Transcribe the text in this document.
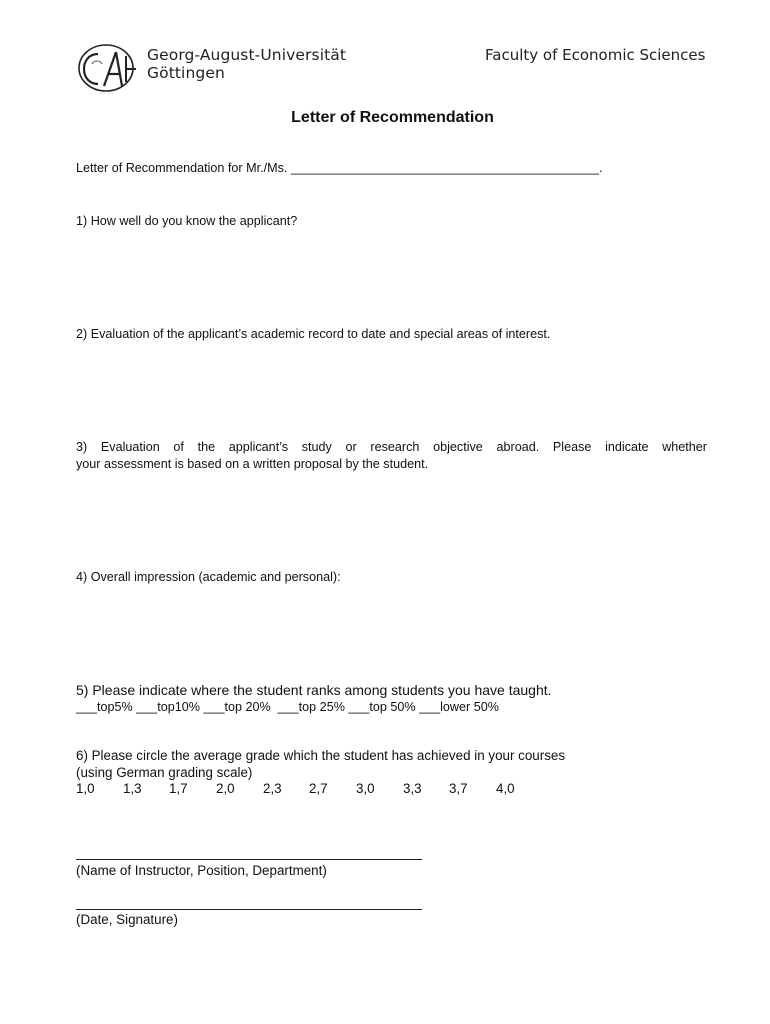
· · · · · ·
Georg-August-Universität
Göttingen
Faculty of Economic Sciences
Letter of Recommendation
Letter of Recommendation for Mr./Ms. ____________________________________________.
1) How well do you know the applicant?
2) Evaluation of the applicant’s academic record to date and special areas of interest.
3) Evaluation of the applicant’s study or research objective abroad. Please indicate whether
your assessment is based on a written proposal by the student.
4) Overall impression (academic and personal):
5) Please indicate where the student ranks among students you have taught.
___top5% ___top10% ___top 20%  ___top 25% ___top 50% ___lower 50%
6) Please circle the average grade which the student has achieved in your courses
(using German grading scale)
1,0 1,3 1,7 2,0 2,3 2,7 3,0 3,3 3,7 4,0
(Name of Instructor, Position, Department)
(Date, Signature)
